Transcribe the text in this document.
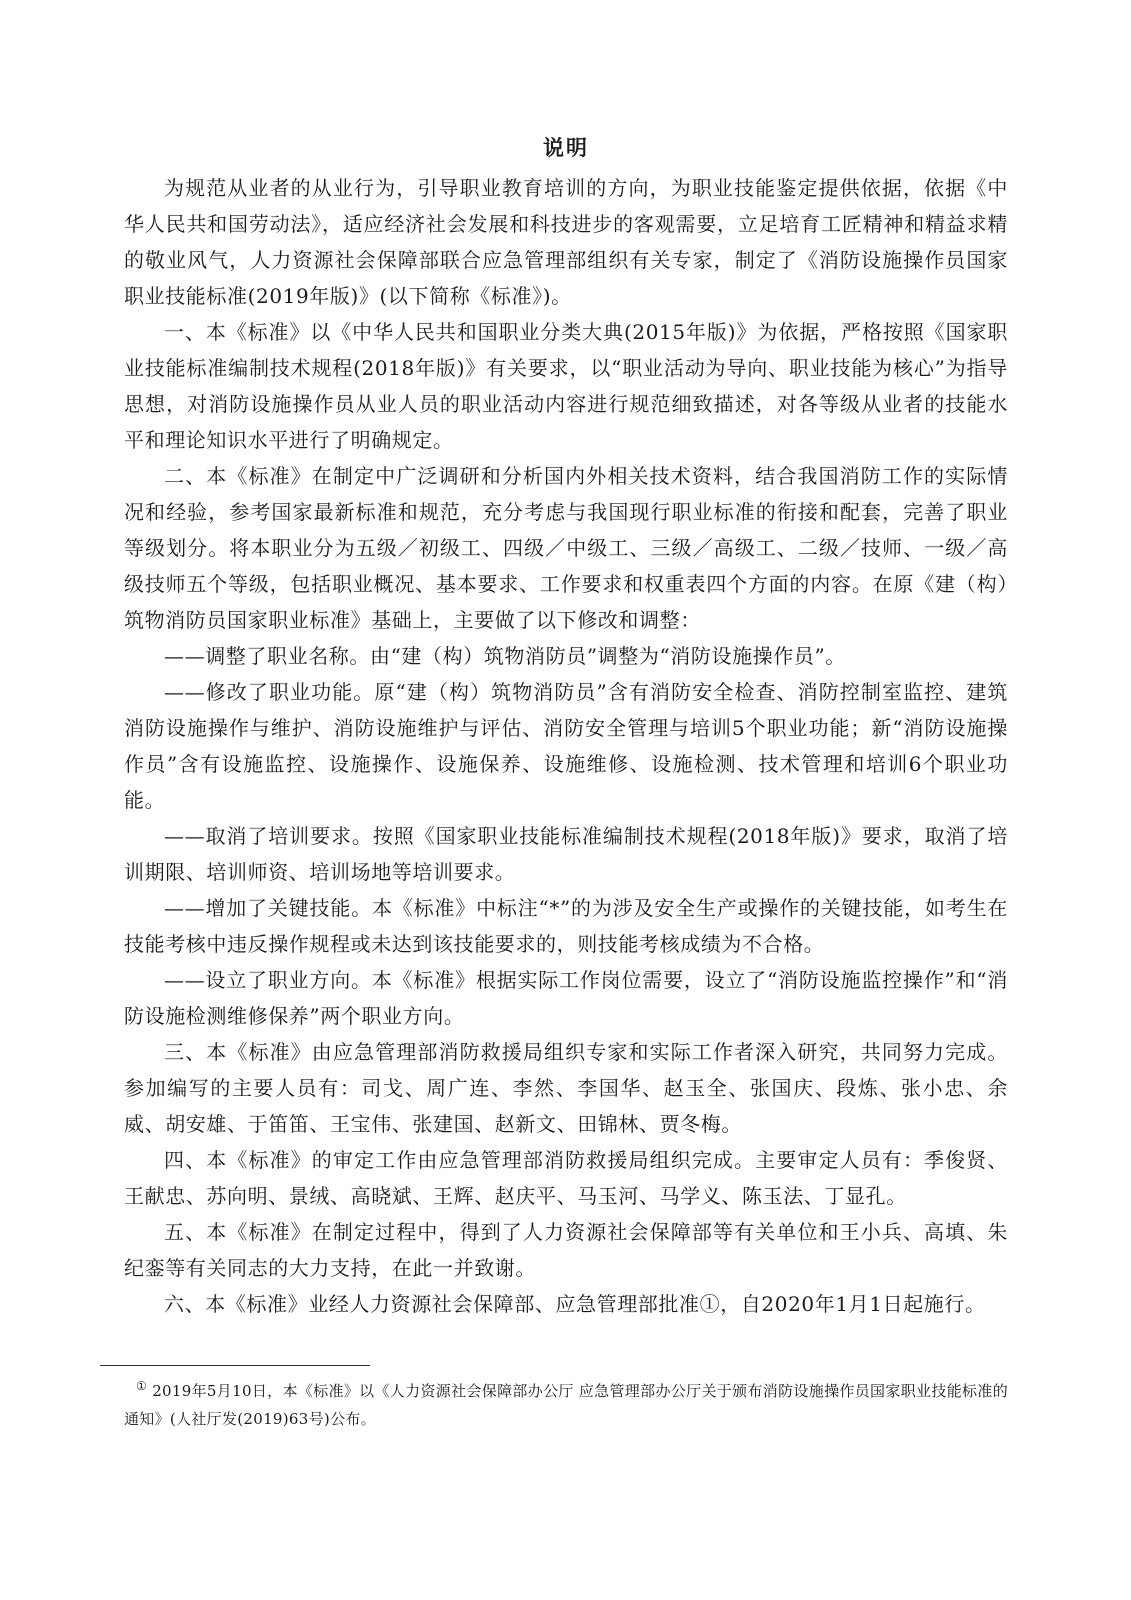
说明

为规范从业者的从业行为，引导职业教育培训的方向，为职业技能鉴定提供依据，依据《中华人民共和国劳动法》，适应经济社会发展和科技进步的客观需要，立足培育工匠精神和精益求精的敬业风气，人力资源社会保障部联合应急管理部组织有关专家，制定了《消防设施操作员国家职业技能标准(2019年版)》(以下简称《标准》)。

一、本《标准》以《中华人民共和国职业分类大典(2015年版)》为依据，严格按照《国家职业技能标准编制技术规程(2018年版)》有关要求，以“职业活动为导向、职业技能为核心”为指导思想，对消防设施操作员从业人员的职业活动内容进行规范细致描述，对各等级从业者的技能水平和理论知识水平进行了明确规定。

二、本《标准》在制定中广泛调研和分析国内外相关技术资料，结合我国消防工作的实际情况和经验，参考国家最新标准和规范，充分考虑与我国现行职业标准的衔接和配套，完善了职业等级划分。将本职业分为五级／初级工、四级／中级工、三级／高级工、二级／技师、一级／高级技师五个等级，包括职业概况、基本要求、工作要求和权重表四个方面的内容。在原《建（构）筑物消防员国家职业标准》基础上，主要做了以下修改和调整：

——调整了职业名称。由“建（构）筑物消防员”调整为“消防设施操作员”。

——修改了职业功能。原“建（构）筑物消防员”含有消防安全检查、消防控制室监控、建筑消防设施操作与维护、消防设施维护与评估、消防安全管理与培训5个职业功能；新“消防设施操作员”含有设施监控、设施操作、设施保养、设施维修、设施检测、技术管理和培训6个职业功能。

——取消了培训要求。按照《国家职业技能标准编制技术规程(2018年版)》要求，取消了培训期限、培训师资、培训场地等培训要求。

——增加了关键技能。本《标准》中标注“*”的为涉及安全生产或操作的关键技能，如考生在技能考核中违反操作规程或未达到该技能要求的，则技能考核成绩为不合格。

——设立了职业方向。本《标准》根据实际工作岗位需要，设立了“消防设施监控操作”和“消防设施检测维修保养”两个职业方向。

三、本《标准》由应急管理部消防救援局组织专家和实际工作者深入研究，共同努力完成。参加编写的主要人员有：司戈、周广连、李然、李国华、赵玉全、张国庆、段炼、张小忠、余威、胡安雄、于笛笛、王宝伟、张建国、赵新文、田锦林、贾冬梅。

四、本《标准》的审定工作由应急管理部消防救援局组织完成。主要审定人员有：季俊贤、王献忠、苏向明、景绒、高晓斌、王辉、赵庆平、马玉河、马学义、陈玉法、丁显孔。

五、本《标准》在制定过程中，得到了人力资源社会保障部等有关单位和王小兵、高填、朱纪銮等有关同志的大力支持，在此一并致谢。

六、本《标准》业经人力资源社会保障部、应急管理部批准①，自2020年1月1日起施行。

① 2019年5月10日，本《标准》以《人力资源社会保障部办公厅 应急管理部办公厅关于颁布消防设施操作员国家职业技能标准的通知》(人社厅发(2019)63号)公布。
